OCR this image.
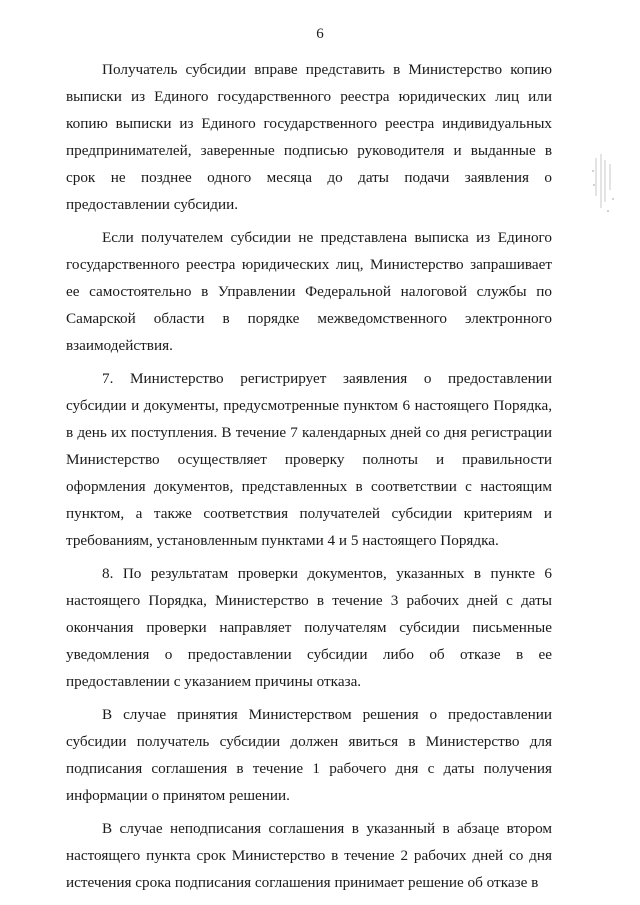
6

Получатель субсидии вправе представить в Министерство копию выписки из Единого государственного реестра юридических лиц или копию выписки из Единого государственного реестра индивидуальных предпринимателей, заверенные подписью руководителя и выданные в срок не позднее одного месяца до даты подачи заявления о предоставлении субсидии.

Если получателем субсидии не представлена выписка из Единого государственного реестра юридических лиц, Министерство запрашивает ее самостоятельно в Управлении Федеральной налоговой службы по Самарской области в порядке межведомственного электронного взаимодействия.

7. Министерство регистрирует заявления о предоставлении субсидии и документы, предусмотренные пунктом 6 настоящего Порядка, в день их поступления. В течение 7 календарных дней со дня регистрации Министерство осуществляет проверку полноты и правильности оформления документов, представленных в соответствии с настоящим пунктом, а также соответствия получателей субсидии критериям и требованиям, установленным пунктами 4 и 5 настоящего Порядка.

8. По результатам проверки документов, указанных в пункте 6 настоящего Порядка, Министерство в течение 3 рабочих дней с даты окончания проверки направляет получателям субсидии письменные уведомления о предоставлении субсидии либо об отказе в ее предоставлении с указанием причины отказа.

В случае принятия Министерством решения о предоставлении субсидии получатель субсидии должен явиться в Министерство для подписания соглашения в течение 1 рабочего дня с даты получения информации о принятом решении.

В случае неподписания соглашения в указанный в абзаце втором настоящего пункта срок Министерство в течение 2 рабочих дней со дня истечения срока подписания соглашения принимает решение об отказе в
